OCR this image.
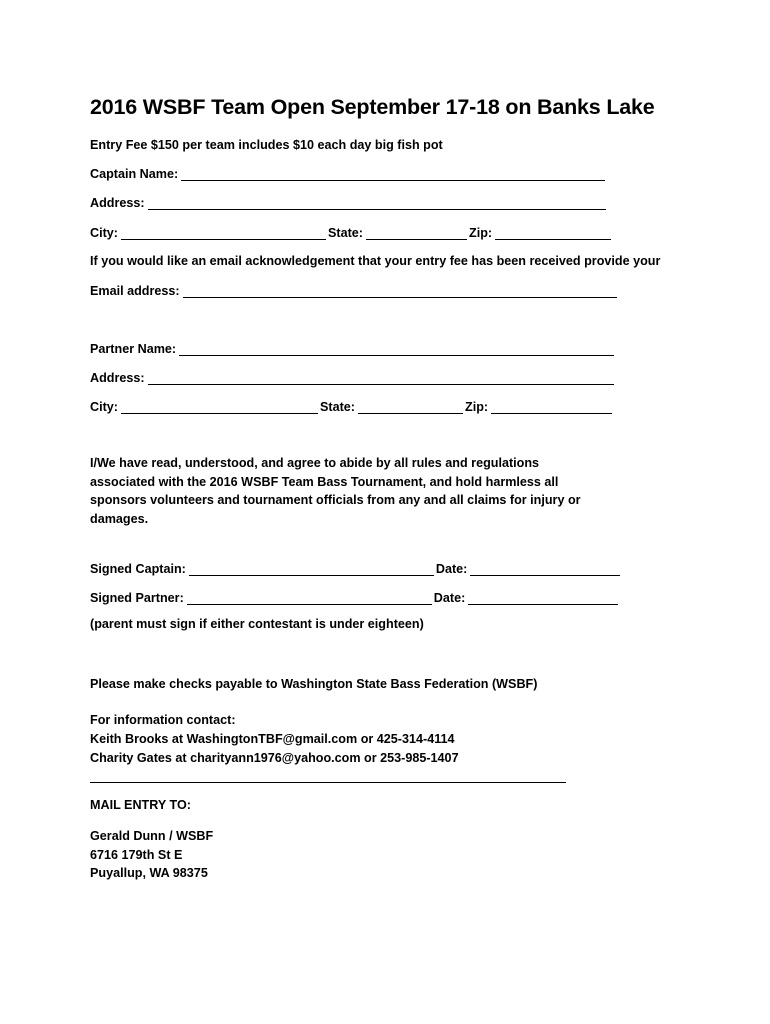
2016 WSBF Team Open September 17-18 on Banks Lake
Entry Fee $150 per team includes $10 each day big fish pot
Captain Name:
Address:
City:	State:	Zip:
If you would like an email acknowledgement that your entry fee has been received provide your
Email address:
Partner Name:
Address:
City:	State:	Zip:
I/We have read, understood, and agree to abide by all rules and regulations
associated with the 2016 WSBF Team Bass Tournament, and hold harmless all
sponsors volunteers and tournament officials from any and all claims for injury or
damages.
Signed Captain:	Date:
Signed Partner:	Date:
(parent must sign if either contestant is under eighteen)
Please make checks payable to Washington State Bass Federation (WSBF)
For information contact:
Keith Brooks at WashingtonTBF@gmail.com or 425-314-4114
Charity Gates at charityann1976@yahoo.com or 253-985-1407
MAIL ENTRY TO:
Gerald Dunn / WSBF
6716 179th St E
Puyallup, WA 98375
